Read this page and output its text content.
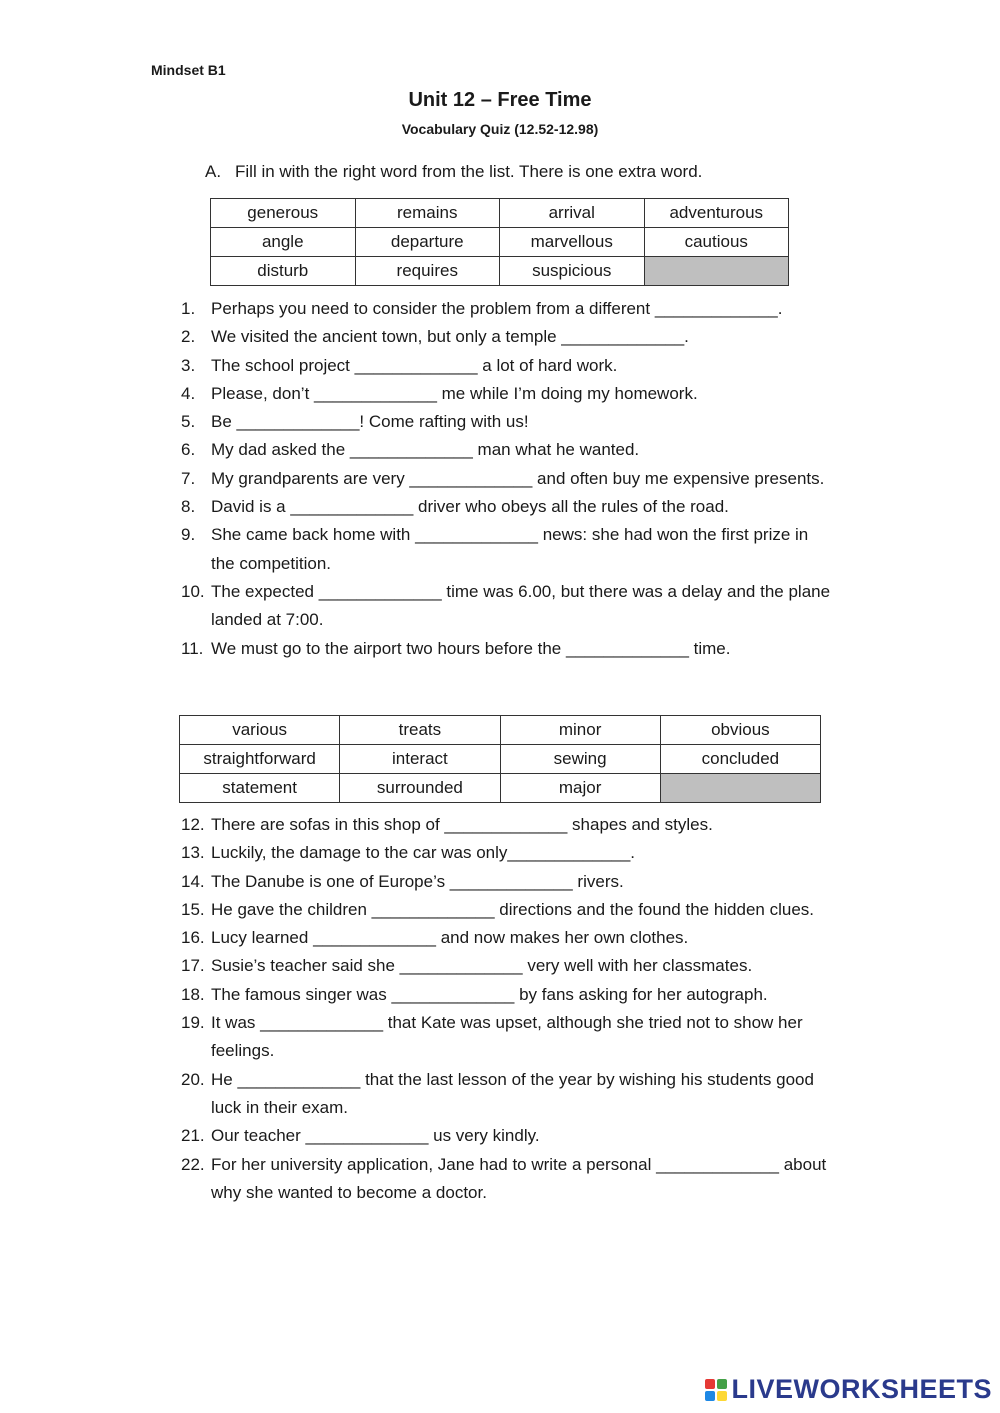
Mindset B1
Unit 12 – Free Time
Vocabulary Quiz (12.52-12.98)
A. Fill in with the right word from the list. There is one extra word.
generous	remains	arrival	adventurous
angle	departure	marvellous	cautious
disturb	requires	suspicious	
1. Perhaps you need to consider the problem from a different _____________.
2. We visited the ancient town, but only a temple _____________.
3. The school project _____________ a lot of hard work.
4. Please, don’t _____________ me while I’m doing my homework.
5. Be _____________! Come rafting with us!
6. My dad asked the _____________ man what he wanted.
7. My grandparents are very _____________ and often buy me expensive presents.
8. David is a _____________ driver who obeys all the rules of the road.
9. She came back home with _____________ news: she had won the first prize in the competition.
10. The expected _____________ time was 6.00, but there was a delay and the plane landed at 7:00.
11. We must go to the airport two hours before the _____________ time.
various	treats	minor	obvious
straightforward	interact	sewing	concluded
statement	surrounded	major	
12. There are sofas in this shop of _____________ shapes and styles.
13. Luckily, the damage to the car was only_____________.
14. The Danube is one of Europe’s _____________ rivers.
15. He gave the children _____________ directions and the found the hidden clues.
16. Lucy learned _____________ and now makes her own clothes.
17. Susie’s teacher said she _____________ very well with her classmates.
18. The famous singer was _____________ by fans asking for her autograph.
19. It was _____________ that Kate was upset, although she tried not to show her feelings.
20. He _____________ that the last lesson of the year by wishing his students good luck in their exam.
21. Our teacher _____________ us very kindly.
22. For her university application, Jane had to write a personal _____________ about why she wanted to become a doctor.
LIVEWORKSHEETS
